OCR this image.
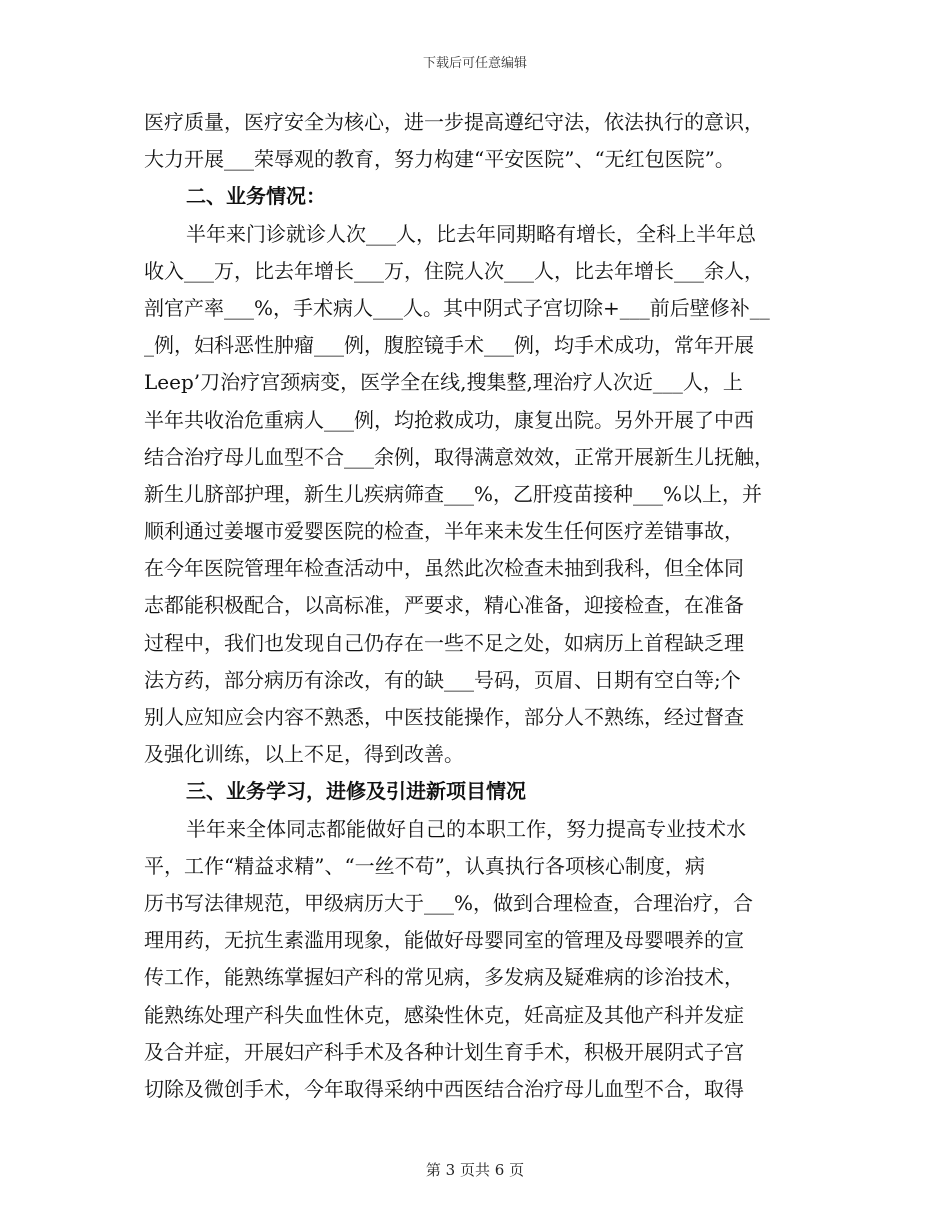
下载后可任意编辑
医疗质量，医疗安全为核心，进一步提高遵纪守法，依法执行的意识，
大力开展___荣辱观的教育，努力构建“平安医院”、“无红包医院”。
二、业务情况：
半年来门诊就诊人次___人，比去年同期略有增长，全科上半年总
收入___万，比去年增长___万，住院人次___人，比去年增长___余人，
剖官产率___%，手术病人___人。其中阴式子宫切除+___前后壁修补__
_例，妇科恶性肿瘤___例，腹腔镜手术___例，均手术成功，常年开展
Leep’刀治疗宫颈病变，医学全在线,搜集整,理治疗人次近___人，上
半年共收治危重病人___例，均抢救成功，康复出院。另外开展了中西
结合治疗母儿血型不合___余例，取得满意效效，正常开展新生儿抚触，
新生儿脐部护理，新生儿疾病筛查___%，乙肝疫苗接种___%以上，并
顺利通过姜堰市爱婴医院的检查，半年来未发生任何医疗差错事故，
在今年医院管理年检查活动中，虽然此次检查未抽到我科，但全体同
志都能积极配合，以高标准，严要求，精心准备，迎接检查，在准备
过程中，我们也发现自己仍存在一些不足之处，如病历上首程缺乏理
法方药，部分病历有涂改，有的缺___号码，页眉、日期有空白等;个
别人应知应会内容不熟悉，中医技能操作，部分人不熟练，经过督查
及强化训练，以上不足，得到改善。
三、业务学习，进修及引进新项目情况
半年来全体同志都能做好自己的本职工作，努力提高专业技术水
平，工作“精益求精”、“一丝不苟”，认真执行各项核心制度，病
历书写法律规范，甲级病历大于___%，做到合理检查，合理治疗，合
理用药，无抗生素滥用现象，能做好母婴同室的管理及母婴喂养的宣
传工作，能熟练掌握妇产科的常见病，多发病及疑难病的诊治技术，
能熟练处理产科失血性休克，感染性休克，妊高症及其他产科并发症
及合并症，开展妇产科手术及各种计划生育手术，积极开展阴式子宫
切除及微创手术，今年取得采纳中西医结合治疗母儿血型不合，取得
第 3 页共 6 页
